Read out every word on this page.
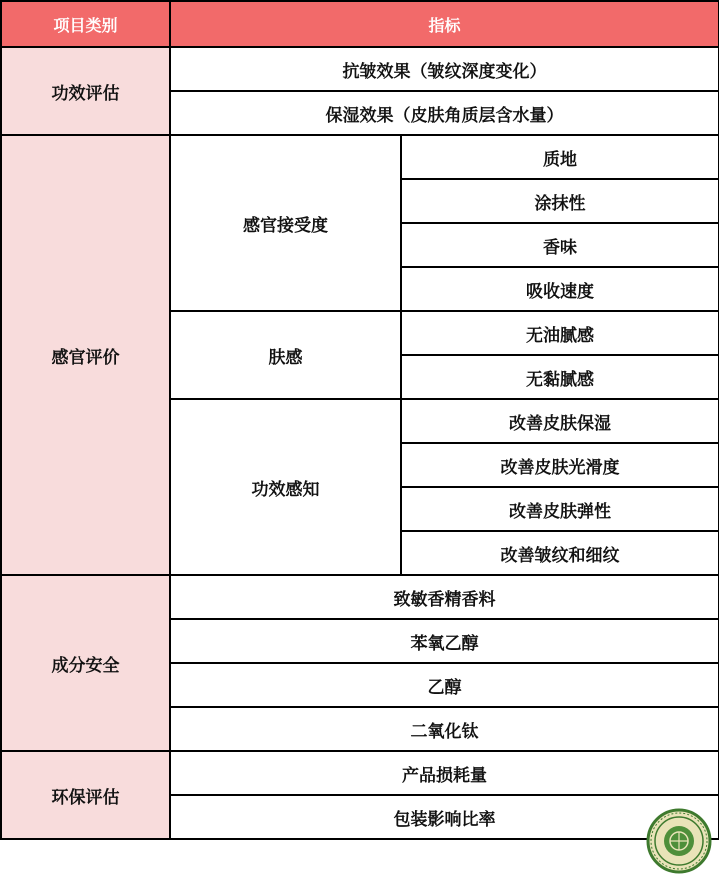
项目类别	指标	
功效评估	抗皱效果（皱纹深度变化）	
	保湿效果（皮肤角质层含水量）	
感官评价	感官接受度	质地
		涂抹性
		香味
		吸收速度
	肤感	无油腻感
		无黏腻感
	功效感知	改善皮肤保湿
		改善皮肤光滑度
		改善皮肤弹性
		改善皱纹和细纹
成分安全	致敏香精香料	
	苯氧乙醇	
	乙醇	
	二氧化钛	
环保评估	产品损耗量	
	包装影响比率	
